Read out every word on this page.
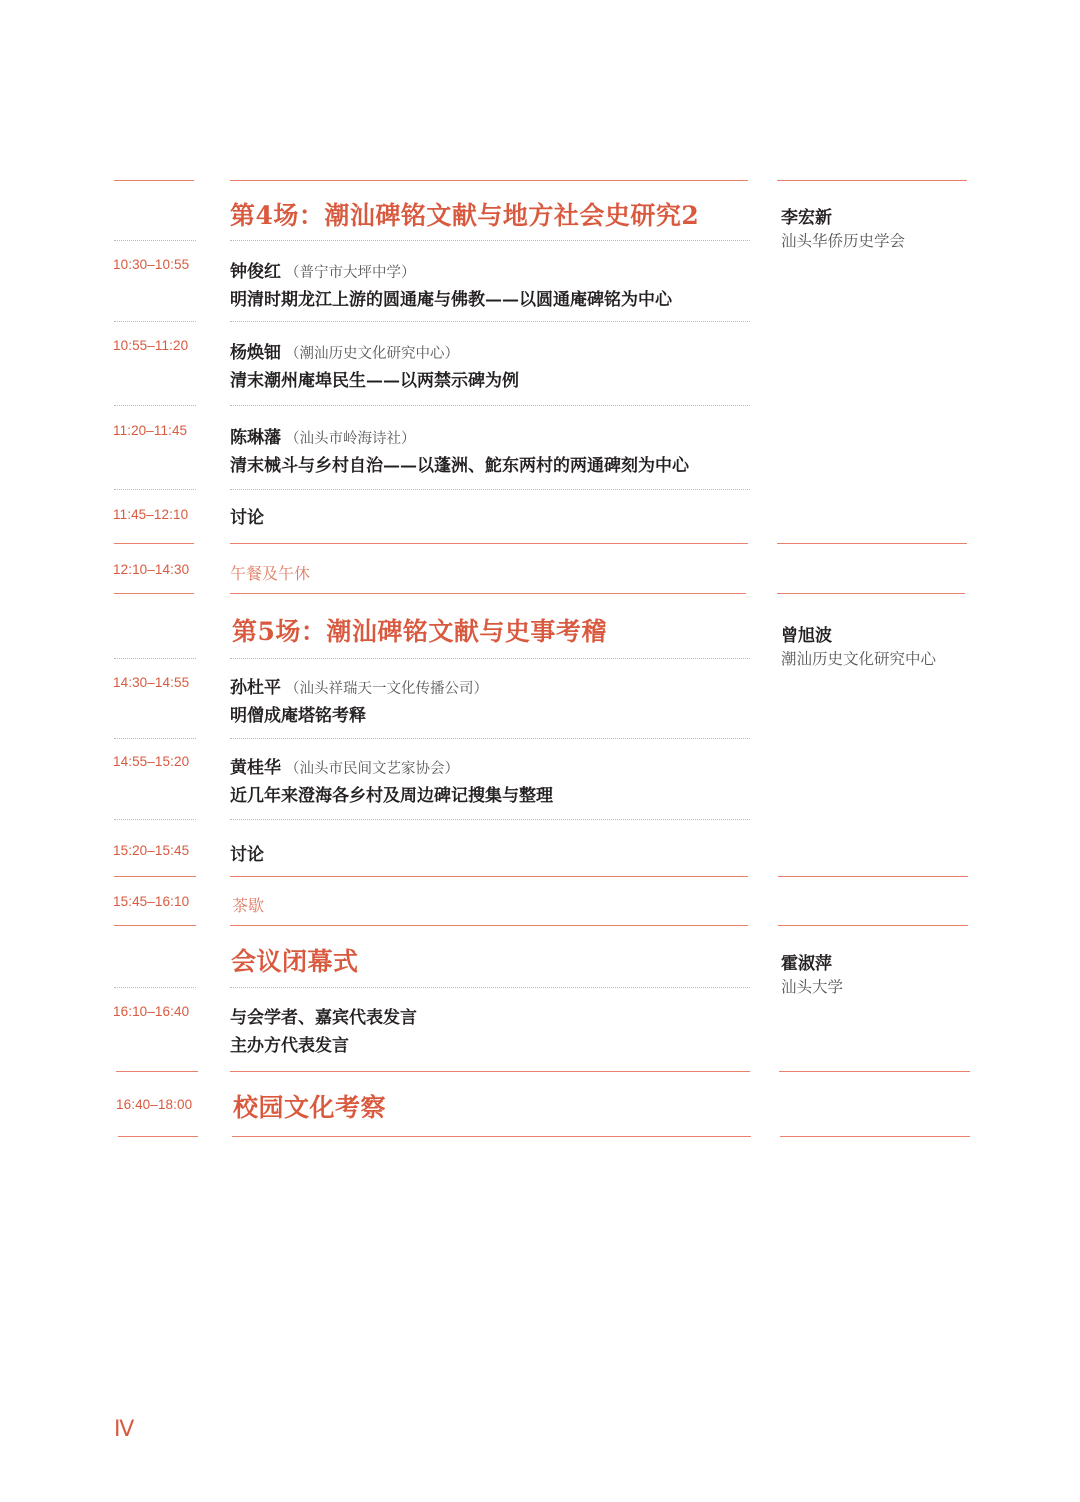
第4场：潮汕碑铭文献与地方社会史研究2	李宏新
汕头华侨历史学会
10:30–10:55 钟俊红 （普宁市大坪中学）
明清时期龙江上游的圆通庵与佛教——以圆通庵碑铭为中心
10:55–11:20 杨焕钿 （潮汕历史文化研究中心）
清末潮州庵埠民生——以两禁示碑为例
11:20–11:45	陈琳藩 （汕头市岭海诗社）
清末械斗与乡村自治——以蓬洲、鮀东两村的两通碑刻为中心
11:45–12:10 讨论
12:10–14:30	午餐及午休
第5场：潮汕碑铭文献与史事考稽	曾旭波
潮汕历史文化研究中心
14:30–14:55 孙杜平 （汕头祥瑞天一文化传播公司）
明僧成庵塔铭考释
14:55–15:20 黄桂华 （汕头市民间文艺家协会）
近几年来澄海各乡村及周边碑记搜集与整理
15:20–15:45 讨论
15:45–16:10	茶歇
会议闭幕式	霍淑萍
汕头大学
16:10–16:40 与会学者、嘉宾代表发言
主办方代表发言
16:40–18:00 校园文化考察
Ⅳ
